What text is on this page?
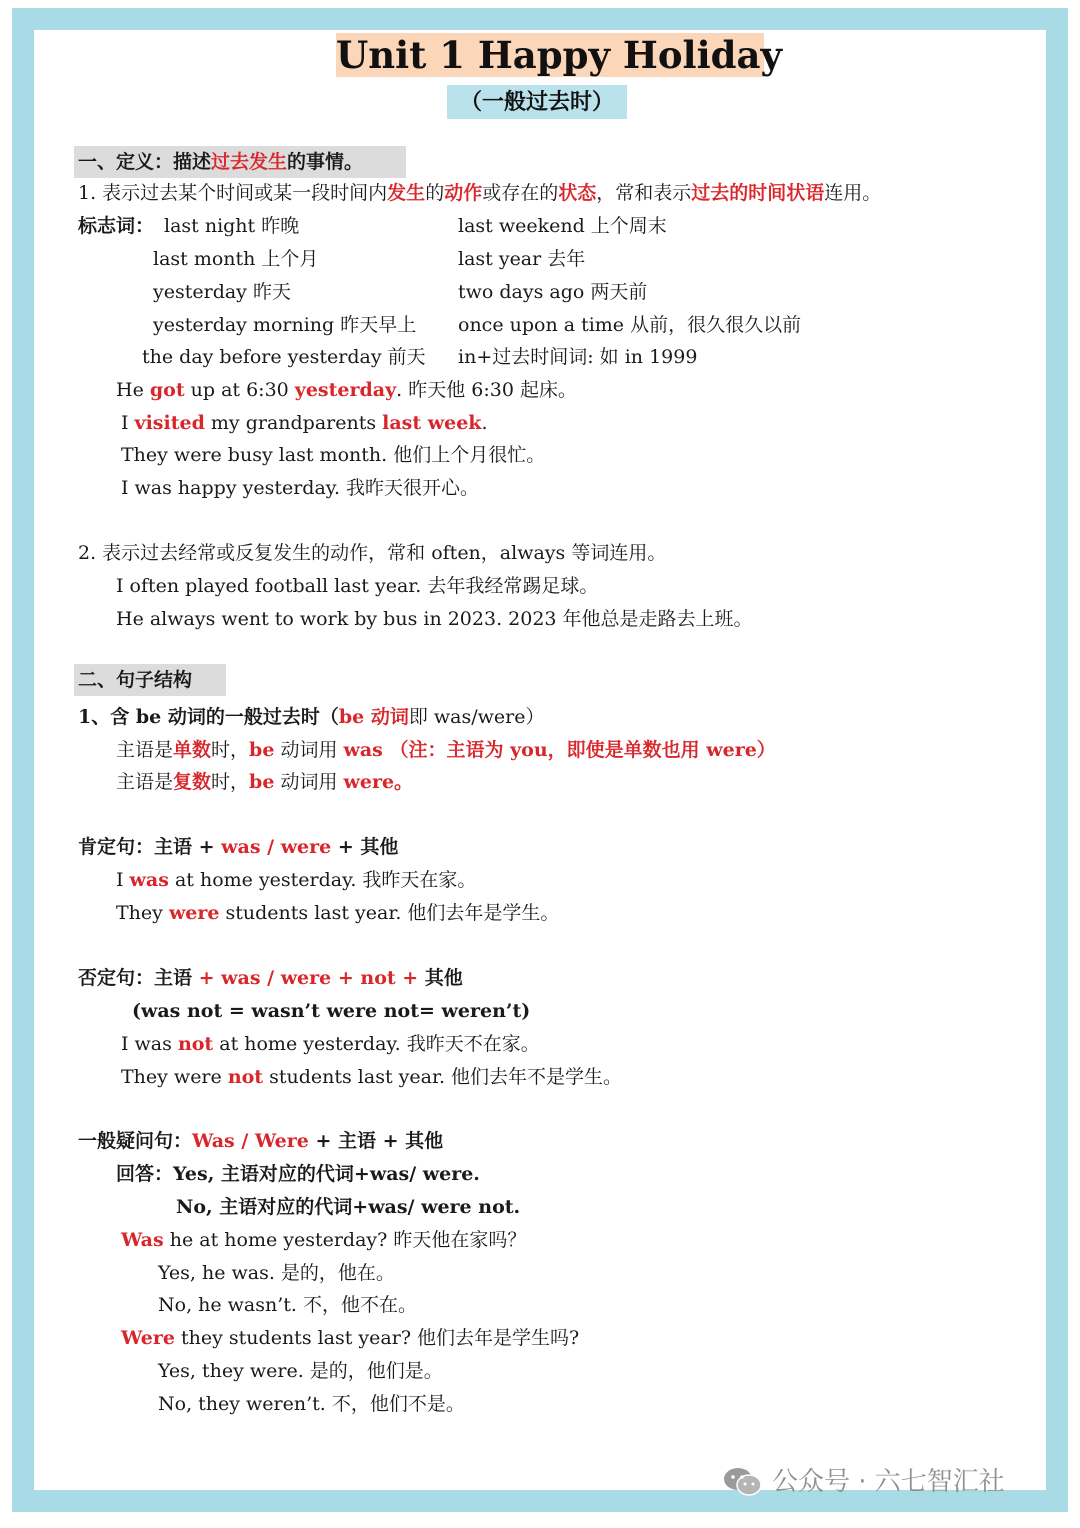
Unit 1 Happy Holiday
（一般过去时）
一、定义：描述过去发生的事情。
1. 表示过去某个时间或某一段时间内发生的动作或存在的状态，常和表示过去的时间状语连用。
标志词： last night 昨晚
last month 上个月
yesterday 昨天
yesterday morning 昨天早上
the day before yesterday 前天
last weekend 上个周末
last year 去年
two days ago 两天前
once upon a time 从前，很久很久以前
in+过去时间词: 如 in 1999
He got up at 6:30 yesterday. 昨天他 6:30 起床。
I visited my grandparents last week.
They were busy last month. 他们上个月很忙。
I was happy yesterday. 我昨天很开心。
2. 表示过去经常或反复发生的动作，常和 often，always 等词连用。
I often played football last year. 去年我经常踢足球。
He always went to work by bus in 2023. 2023 年他总是走路去上班。
二、句子结构
1、含 be 动词的一般过去时（be 动词即 was/were）
主语是单数时，be 动词用 was （注：主语为 you，即使是单数也用 were）
主语是复数时，be 动词用 were。
肯定句：主语 + was / were + 其他
I was at home yesterday. 我昨天在家。
They were students last year. 他们去年是学生。
否定句：主语 + was / were + not + 其他
(was not = wasn’t were not= weren’t)
I was not at home yesterday. 我昨天不在家。
They were not students last year. 他们去年不是学生。
一般疑问句：Was / Were + 主语 + 其他
回答：Yes, 主语对应的代词+was/ were.
No, 主语对应的代词+was/ were not.
Was he at home yesterday? 昨天他在家吗？
Yes, he was. 是的，他在。
No, he wasn’t. 不，他不在。
Were they students last year? 他们去年是学生吗?
Yes, they were. 是的，他们是。
No, they weren’t. 不，他们不是。
公众号 · 六七智汇社
